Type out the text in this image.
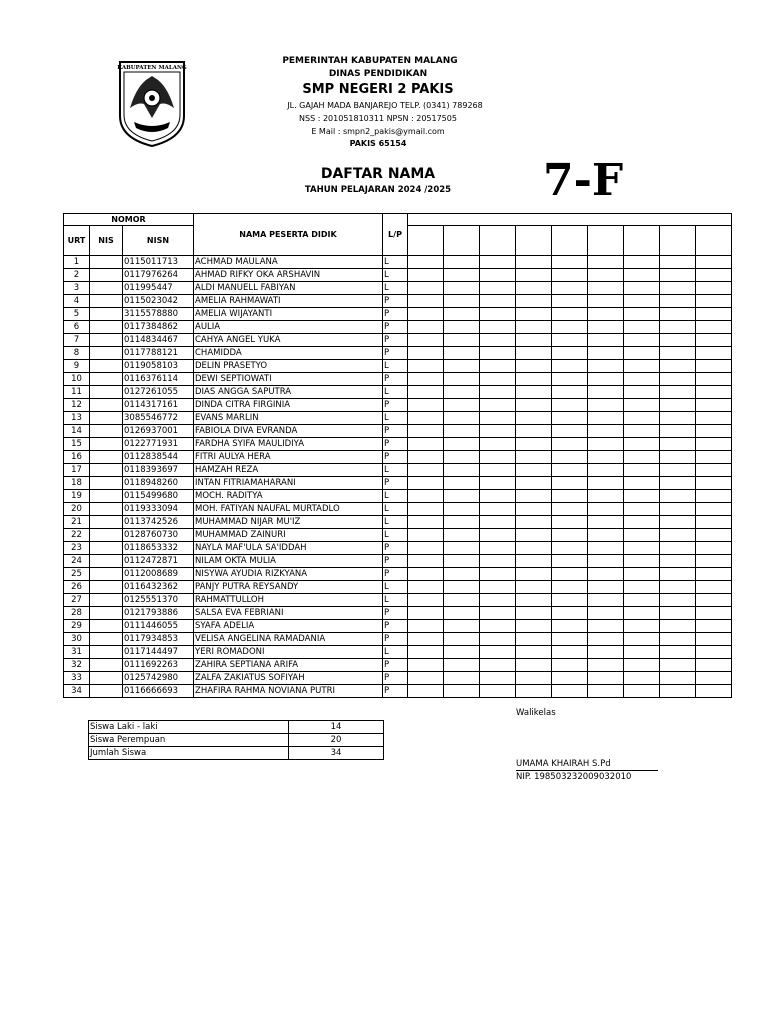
KABUPATEN MALANG
PEMERINTAH KABUPATEN MALANG
DINAS PENDIDIKAN
SMP NEGERI 2 PAKIS
JL. GAJAH MADA BANJAREJO TELP. (0341) 789268
NSS : 201051810311 NPSN : 20517505
E Mail : smpn2_pakis@ymail.com
PAKIS 65154
DAFTAR NAMA
TAHUN PELAJARAN 2024 /2025	7-F
NOMOR			NAMA PESERTA DIDIK	L/P									
URT	NIS	NISN											
1		0115011713	ACHMAD MAULANA	L									
2		0117976264	AHMAD RIFKY OKA ARSHAVIN	L									
3		011995447	ALDI MANUELL FABIYAN	L									
4		0115023042	AMELIA RAHMAWATI	P									
5		3115578880	AMELIA WIJAYANTI	P									
6		0117384862	AULIA	P									
7		0114834467	CAHYA ANGEL YUKA	P									
8		0117788121	CHAMIDDA	P									
9		0119058103	DELIN PRASETYO	L									
10		0116376114	DEWI SEPTIOWATI	P									
11		0127261055	DIAS ANGGA SAPUTRA	L									
12		0114317161	DINDA CITRA FIRGINIA	P									
13		3085546772	EVANS MARLIN	L									
14		0126937001	FABIOLA DIVA EVRANDA	P									
15		0122771931	FARDHA SYIFA MAULIDIYA	P									
16		0112838544	FITRI AULYA HERA	P									
17		0118393697	HAMZAH REZA	L									
18		0118948260	INTAN FITRIAMAHARANI	P									
19		0115499680	MOCH. RADITYA	L									
20		0119333094	MOH. FATIYAN NAUFAL MURTADLO	L									
21		0113742526	MUHAMMAD NIJAR MU'IZ	L									
22		0128760730	MUHAMMAD ZAINURI	L									
23		0118653332	NAYLA MAF'ULA SA'IDDAH	P									
24		0112472871	NILAM OKTA MULIA	P									
25		0112008689	NISYWA AYUDIA RIZKYANA	P									
26		0116432362	PANJY PUTRA REYSANDY	L									
27		0125551370	RAHMATTULLOH	L									
28		0121793886	SALSA EVA FEBRIANI	P									
29		0111446055	SYAFA ADELIA	P									
30		0117934853	VELISA ANGELINA RAMADANIA	P									
31		0117144497	YERI ROMADONI	L									
32		0111692263	ZAHIRA SEPTIANA ARIFA	P									
33		0125742980	ZALFA ZAKIATUS SOFIYAH	P									
34		0116666693	ZHAFIRA RAHMA NOVIANA PUTRI	P									
Siswa Laki - laki	14
Siswa Perempuan	20
Jumlah Siswa	34
Walikelas
UMAMA KHAIRAH S.Pd
NIP. 198503232009032010
